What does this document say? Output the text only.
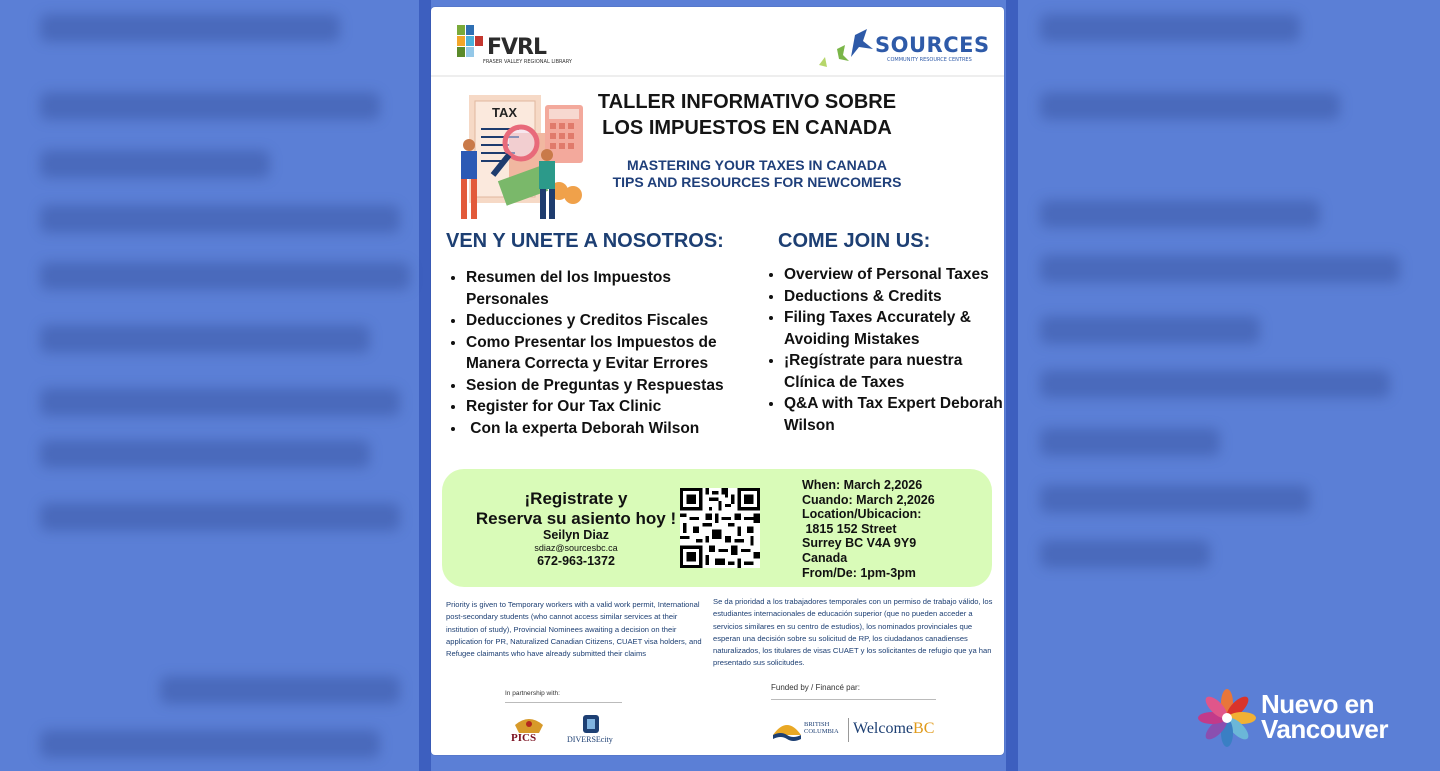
FVRL
FRASER VALLEY REGIONAL LIBRARY
SOURCES
COMMUNITY RESOURCE CENTRES
TAX	TALLER INFORMATIVO SOBRE
LOS IMPUESTOS EN CANADA
MASTERING YOUR TAXES IN CANADA
TIPS AND RESOURCES FOR NEWCOMERS
VEN Y UNETE A NOSOTROS:
• Resumen del los Impuestos Personales
• Deducciones y Creditos Fiscales
• Como Presentar los Impuestos de Manera Correcta y Evitar Errores
• Sesion de Preguntas y Respuestas
• Register for Our Tax Clinic
•  Con la experta Deborah Wilson
COME JOIN US:
• Overview of Personal Taxes
• Deductions & Credits
• Filing Taxes Accurately & Avoiding Mistakes
• ¡Regístrate para nuestra Clínica de Taxes
• Q&A with Tax Expert Deborah Wilson
¡Registrate y
Reserva su asiento hoy !
Seilyn Diaz
sdiaz@sourcesbc.ca
672-963-1372
When: March 2,2026
Cuando: March 2,2026
Location/Ubicacion:
1815 152 Street
Surrey BC V4A 9Y9
Canada
From/De: 1pm-3pm
Priority is given to Temporary workers with a valid work permit, International post-secondary students (who cannot access similar services at their institution of study), Provincial Nominees awaiting a decision on their application for PR, Naturalized Canadian Citizens, CUAET visa holders, and Refugee claimants who have already submitted their claims
Se da prioridad a los trabajadores temporales con un permiso de trabajo válido, los estudiantes internacionales de educación superior (que no pueden acceder a servicios similares en su centro de estudios), los nominados provinciales que esperan una decisión sobre su solicitud de RP, los ciudadanos canadienses naturalizados, los titulares de visas CUAET y los solicitantes de refugio que ya han presentado sus solicitudes.
In partnership with:
PICS	DIVERSEcity
Funded by / Financé par:
BRITISH
COLUMBIA WelcomeBC
Nuevo en
Vancouver
